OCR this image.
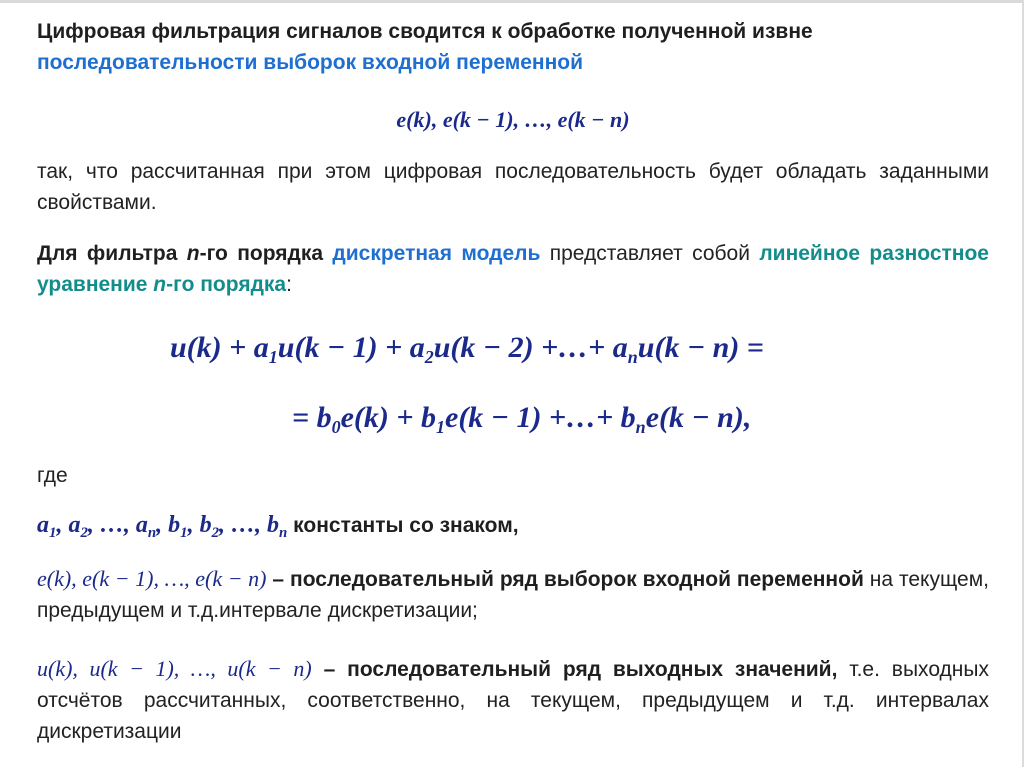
Цифровая фильтрация сигналов сводится к обработке полученной извне
последовательности выборок входной переменной

e(k), e(k − 1), …, e(k − n)

так, что рассчитанная при этом цифровая последовательность будет обладать заданными свойствами.

Для фильтра n-го порядка дискретная модель представляет собой линейное разностное уравнение n-го порядка:

$u(k) + a_1u(k - 1) + a_2u(k - 2)$ +…+ $a_nu(k - n)$ =
= $b_0e(k) + b_1e(k - 1)$ +…+ $b_ne(k - n)$,

где

$a_1$, $a_2$, …, $a_n$, $b_1$, $b_2$, …, $b_n$ константы со знаком,

e(k), e(k − 1), …, e(k − n) – последовательный ряд выборок входной переменной на текущем, предыдущем и т.д.интервале дискретизации;

u(k), u(k − 1), …, u(k − n) – последовательный ряд выходных значений, т.е. выходных отсчётов рассчитанных, соответственно, на текущем, предыдущем и т.д. интервалах дискретизации
